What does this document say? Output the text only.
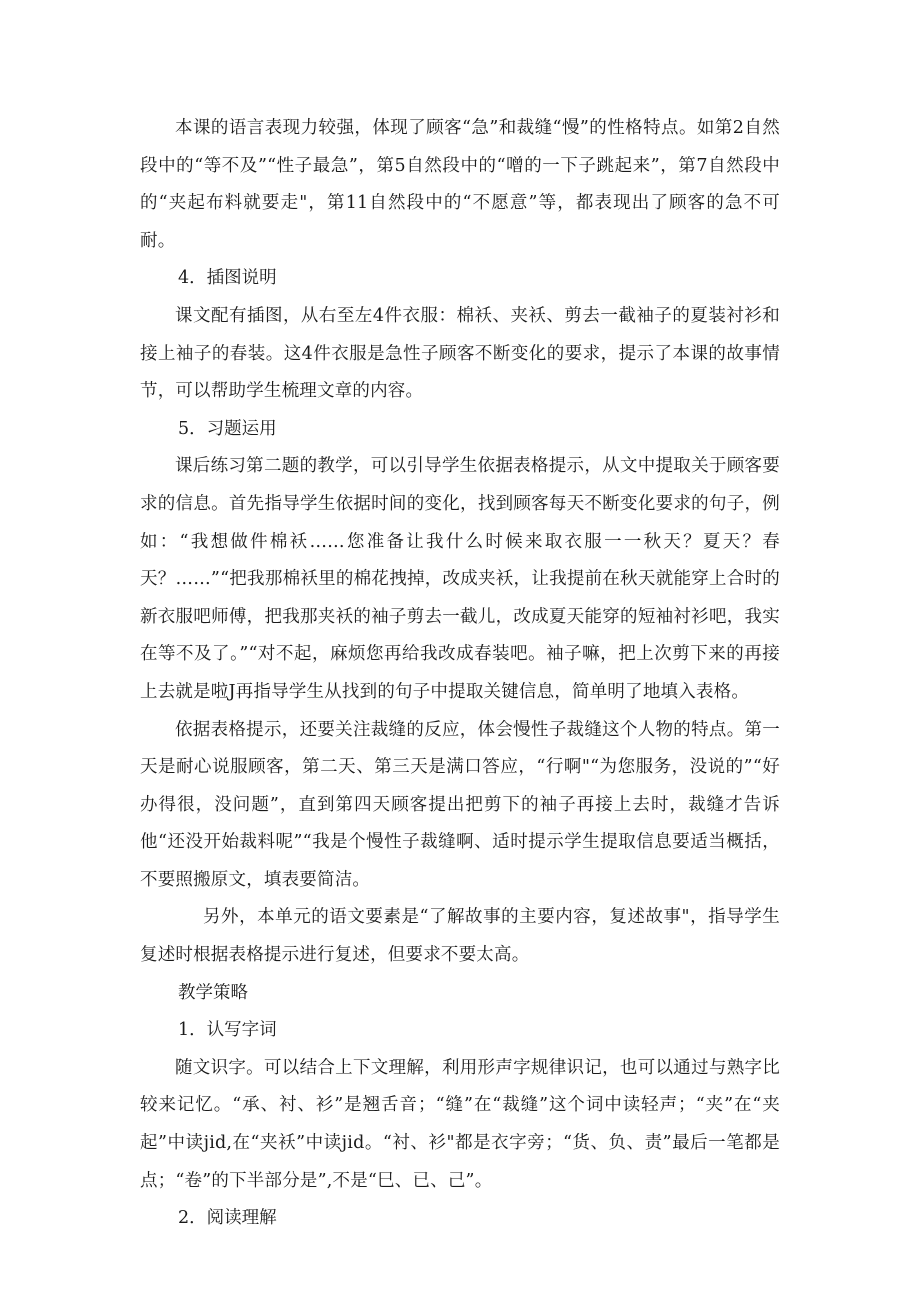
本课的语言表现力较强，体现了顾客“急”和裁缝“慢”的性格特点。如第2自然段中的“等不及”“性子最急”，第5自然段中的“噌的一下子跳起来”，第7自然段中的“夹起布料就要走"，第11自然段中的“不愿意”等，都表现出了顾客的急不可耐。

4．插图说明

课文配有插图，从右至左4件衣服：棉袄、夹袄、剪去一截袖子的夏装衬衫和接上袖子的春装。这4件衣服是急性子顾客不断变化的要求，提示了本课的故事情节，可以帮助学生梳理文章的内容。

5．习题运用

课后练习第二题的教学，可以引导学生依据表格提示，从文中提取关于顾客要求的信息。首先指导学生依据时间的变化，找到顾客每天不断变化要求的句子，例如：“我想做件棉袄……您准备让我什么时候来取衣服一一秋天？夏天？春天？……”“把我那棉袄里的棉花拽掉，改成夹袄，让我提前在秋天就能穿上合时的新衣服吧师傅，把我那夹袄的袖子剪去一截儿，改成夏天能穿的短袖衬衫吧，我实在等不及了。”“对不起，麻烦您再给我改成春装吧。袖子嘛，把上次剪下来的再接上去就是啦J再指导学生从找到的句子中提取关键信息，简单明了地填入表格。

依据表格提示，还要关注裁缝的反应，体会慢性子裁缝这个人物的特点。第一天是耐心说服顾客，第二天、第三天是满口答应，“行啊"“为您服务，没说的”“好办得很，没问题”，直到第四天顾客提出把剪下的袖子再接上去时，裁缝才告诉他“还没开始裁料呢”“我是个慢性子裁缝啊、适时提示学生提取信息要适当概括，不要照搬原文，填表要简洁。

另外，本单元的语文要素是“了解故事的主要内容，复述故事"，指导学生复述时根据表格提示进行复述，但要求不要太高。

教学策略

1．认写字词

随文识字。可以结合上下文理解，利用形声字规律识记，也可以通过与熟字比较来记忆。“承、衬、衫”是翘舌音；“缝”在“裁缝”这个词中读轻声；“夹”在“夹起”中读jid,在“夹袄”中读jid。“衬、衫"都是衣字旁；“货、负、责”最后一笔都是点；“卷”的下半部分是”,不是“巳、已、己”。

2．阅读理解
